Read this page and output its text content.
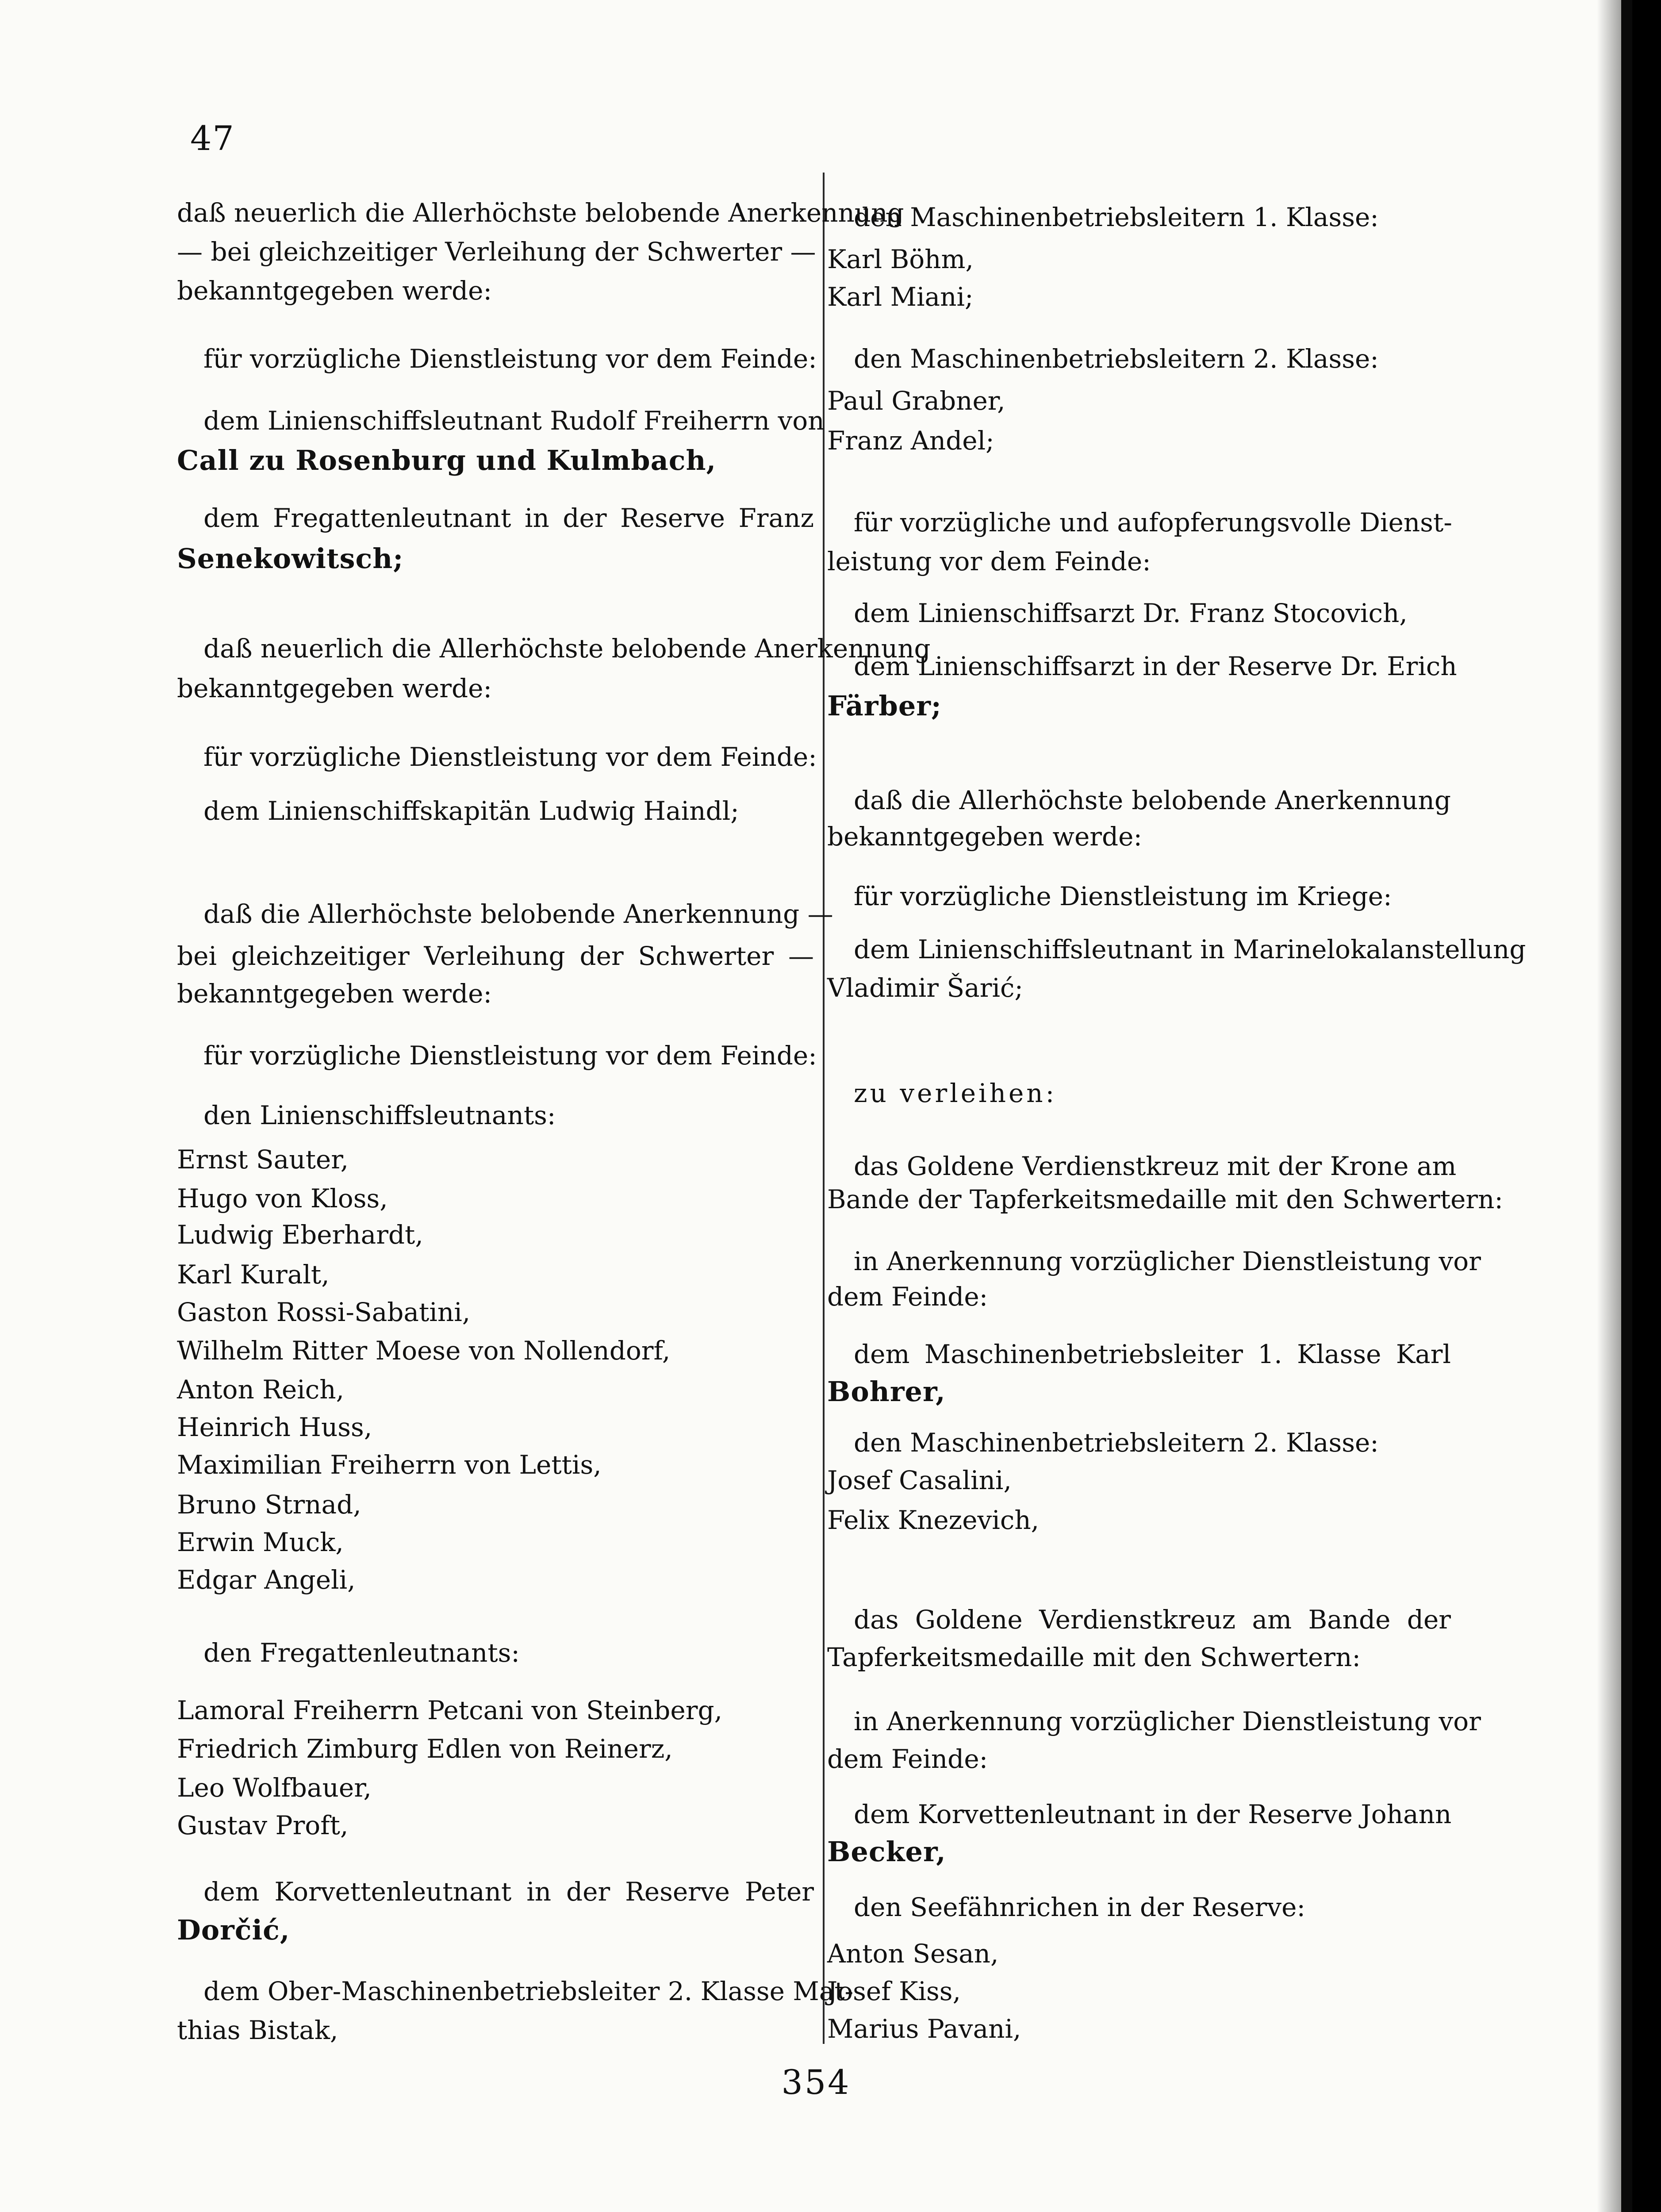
47
daß neuerlich die Allerhöchste belobende Anerkennung
— bei gleichzeitiger Verleihung der Schwerter —
bekanntgegeben werde:
für vorzügliche Dienstleistung vor dem Feinde:
dem Linienschiffsleutnant Rudolf Freiherrn von
Call zu Rosenburg und Kulmbach,
dem Fregattenleutnant in der Reserve Franz
Senekowitsch;
daß neuerlich die Allerhöchste belobende Anerkennung
bekanntgegeben werde:
für vorzügliche Dienstleistung vor dem Feinde:
dem Linienschiffskapitän Ludwig Haindl;
daß die Allerhöchste belobende Anerkennung —
bei gleichzeitiger Verleihung der Schwerter —
bekanntgegeben werde:
für vorzügliche Dienstleistung vor dem Feinde:
den Linienschiffsleutnants:
Ernst Sauter,
Hugo von Kloss,
Ludwig Eberhardt,
Karl Kuralt,
Gaston Rossi-Sabatini,
Wilhelm Ritter Moese von Nollendorf,
Anton Reich,
Heinrich Huss,
Maximilian Freiherrn von Lettis,
Bruno Strnad,
Erwin Muck,
Edgar Angeli,
den Fregattenleutnants:
Lamoral Freiherrn Petcani von Steinberg,
Friedrich Zimburg Edlen von Reinerz,
Leo Wolfbauer,
Gustav Proft,
dem Korvettenleutnant in der Reserve Peter
Dorčić,
dem Ober-Maschinenbetriebsleiter 2. Klasse Mat-
thias Bistak,
den Maschinenbetriebsleitern 1. Klasse:
Karl Böhm,
Karl Miani;
den Maschinenbetriebsleitern 2. Klasse:
Paul Grabner,
Franz Andel;
für vorzügliche und aufopferungsvolle Dienst-
leistung vor dem Feinde:
dem Linienschiffsarzt Dr. Franz Stocovich,
dem Linienschiffsarzt in der Reserve Dr. Erich
Färber;
daß die Allerhöchste belobende Anerkennung
bekanntgegeben werde:
für vorzügliche Dienstleistung im Kriege:
dem Linienschiffsleutnant in Marinelokalanstellung
Vladimir Šarić;
zu verleihen:
das Goldene Verdienstkreuz mit der Krone am
Bande der Tapferkeitsmedaille mit den Schwertern:
in Anerkennung vorzüglicher Dienstleistung vor
dem Feinde:
dem Maschinenbetriebsleiter 1. Klasse Karl
Bohrer,
den Maschinenbetriebsleitern 2. Klasse:
Josef Casalini,
Felix Knezevich,
das Goldene Verdienstkreuz am Bande der
Tapferkeitsmedaille mit den Schwertern:
in Anerkennung vorzüglicher Dienstleistung vor
dem Feinde:
dem Korvettenleutnant in der Reserve Johann
Becker,
den Seefähnrichen in der Reserve:
Anton Sesan,
Josef Kiss,
Marius Pavani,
354
